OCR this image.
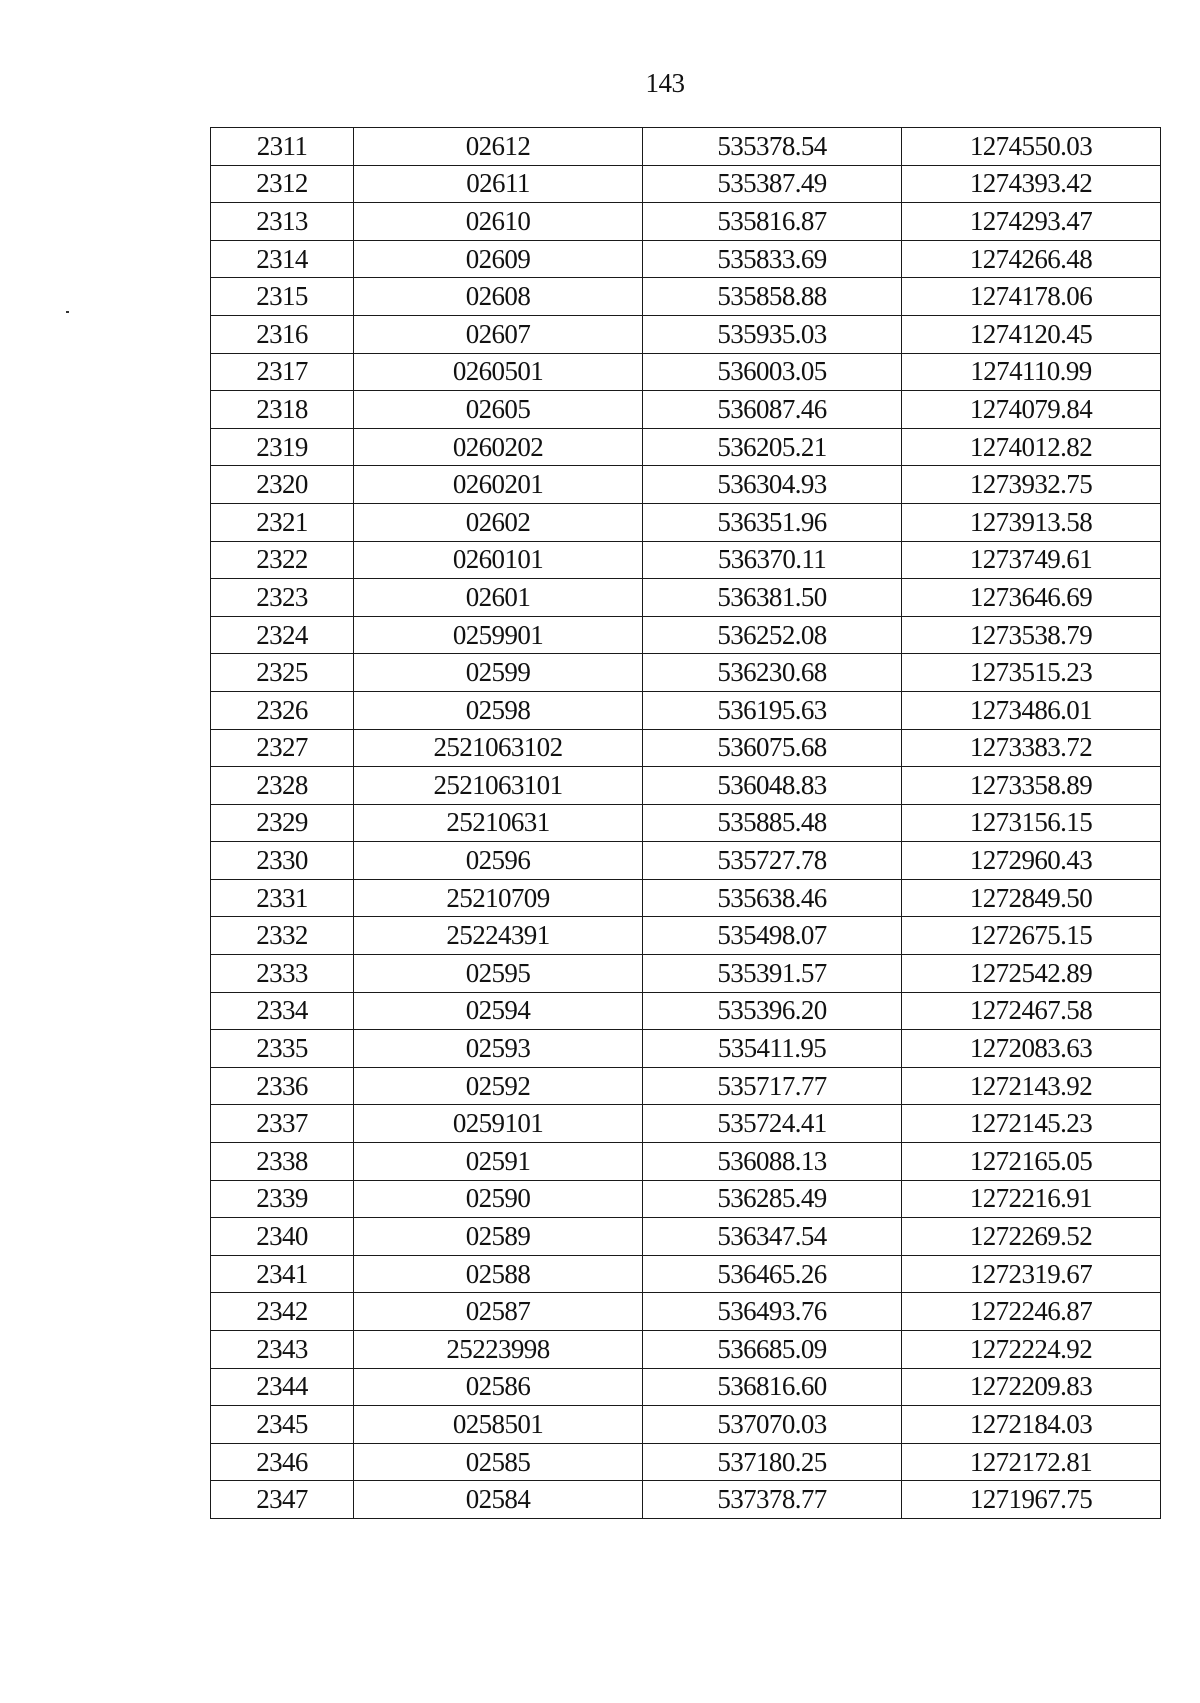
143
2311	02612	535378.54	1274550.03
2312	02611	535387.49	1274393.42
2313	02610	535816.87	1274293.47
2314	02609	535833.69	1274266.48
2315	02608	535858.88	1274178.06
2316	02607	535935.03	1274120.45
2317	0260501	536003.05	1274110.99
2318	02605	536087.46	1274079.84
2319	0260202	536205.21	1274012.82
2320	0260201	536304.93	1273932.75
2321	02602	536351.96	1273913.58
2322	0260101	536370.11	1273749.61
2323	02601	536381.50	1273646.69
2324	0259901	536252.08	1273538.79
2325	02599	536230.68	1273515.23
2326	02598	536195.63	1273486.01
2327	2521063102	536075.68	1273383.72
2328	2521063101	536048.83	1273358.89
2329	25210631	535885.48	1273156.15
2330	02596	535727.78	1272960.43
2331	25210709	535638.46	1272849.50
2332	25224391	535498.07	1272675.15
2333	02595	535391.57	1272542.89
2334	02594	535396.20	1272467.58
2335	02593	535411.95	1272083.63
2336	02592	535717.77	1272143.92
2337	0259101	535724.41	1272145.23
2338	02591	536088.13	1272165.05
2339	02590	536285.49	1272216.91
2340	02589	536347.54	1272269.52
2341	02588	536465.26	1272319.67
2342	02587	536493.76	1272246.87
2343	25223998	536685.09	1272224.92
2344	02586	536816.60	1272209.83
2345	0258501	537070.03	1272184.03
2346	02585	537180.25	1272172.81
2347	02584	537378.77	1271967.75
